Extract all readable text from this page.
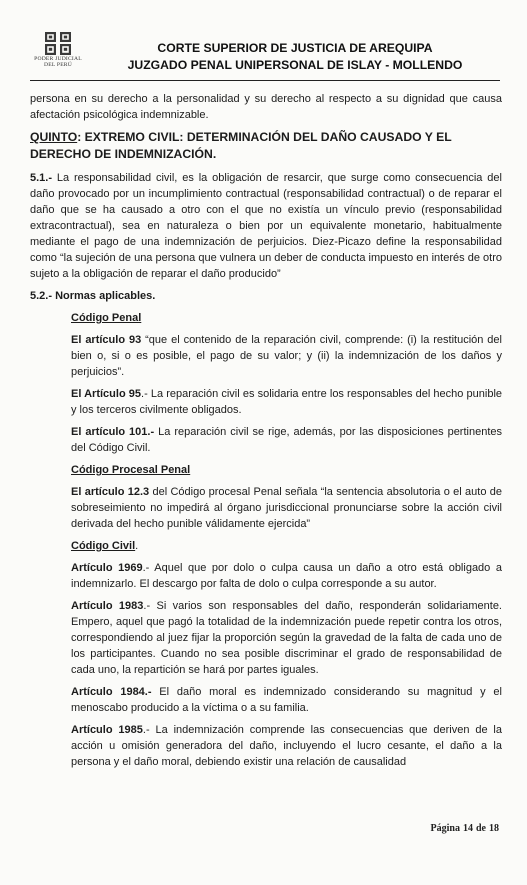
PODER JUDICIAL
DEL PERÚ
CORTE SUPERIOR DE JUSTICIA DE AREQUIPA
JUZGADO PENAL UNIPERSONAL DE ISLAY - MOLLENDO

persona en su derecho a la personalidad y su derecho al respecto a su dignidad que causa afectación psicológica indemnizable.

QUINTO: EXTREMO CIVIL: DETERMINACIÓN DEL DAÑO CAUSADO Y EL DERECHO DE INDEMNIZACIÓN.

5.1.- La responsabilidad civil, es la obligación de resarcir, que surge como consecuencia del daño provocado por un incumplimiento contractual (responsabilidad contractual) o de reparar el daño que se ha causado a otro con el que no existía un vínculo previo (responsabilidad extracontractual), sea en naturaleza o bien por un equivalente monetario, habitualmente mediante el pago de una indemnización de perjuicios. Diez-Picazo define la responsabilidad como “la sujeción de una persona que vulnera un deber de conducta impuesto en interés de otro sujeto a la obligación de reparar el daño producido”

5.2.- Normas aplicables.

Código Penal

El artículo 93 “que el contenido de la reparación civil, comprende: (i) la restitución del bien o, si o es posible, el pago de su valor; y (ii) la indemnización de los daños y perjuicios”.

El Artículo 95.- La reparación civil es solidaria entre los responsables del hecho punible y los terceros civilmente obligados.

El artículo 101.- La reparación civil se rige, además, por las disposiciones pertinentes del Código Civil.

Código Procesal Penal

El artículo 12.3 del Código procesal Penal señala “la sentencia absolutoria o el auto de sobreseimiento no impedirá al órgano jurisdiccional pronunciarse sobre la acción civil derivada del hecho punible válidamente ejercida”

Código Civil.

Artículo 1969.- Aquel que por dolo o culpa causa un daño a otro está obligado a indemnizarlo. El descargo por falta de dolo o culpa corresponde a su autor.

Artículo 1983.- Si varios son responsables del daño, responderán solidariamente. Empero, aquel que pagó la totalidad de la indemnización puede repetir contra los otros, correspondiendo al juez fijar la proporción según la gravedad de la falta de cada uno de los participantes. Cuando no sea posible discriminar el grado de responsabilidad de cada uno, la repartición se hará por partes iguales.

Artículo 1984.- El daño moral es indemnizado considerando su magnitud y el menoscabo producido a la víctima o a su familia.

Artículo 1985.- La indemnización comprende las consecuencias que deriven de la acción u omisión generadora del daño, incluyendo el lucro cesante, el daño a la persona y el daño moral, debiendo existir una relación de causalidad

Página 14 de 18
